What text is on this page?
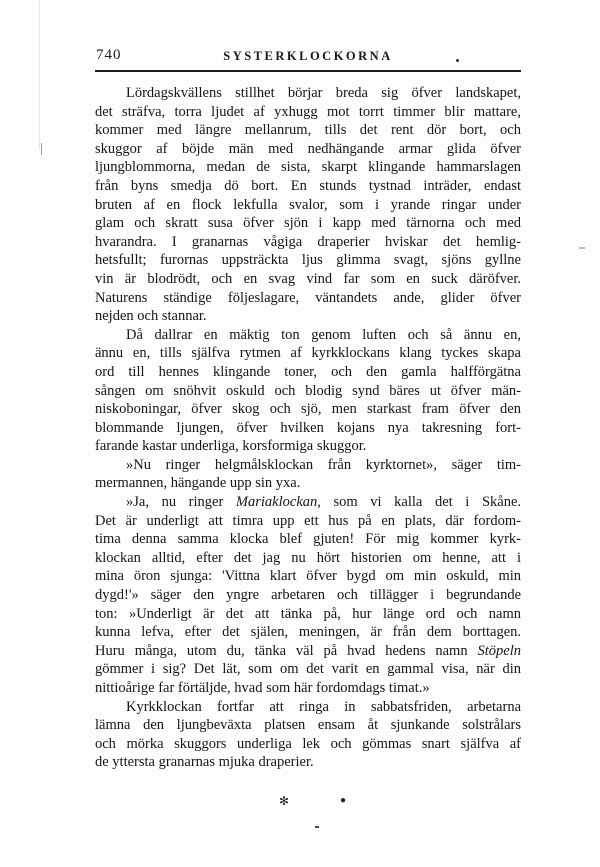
740	SYSTERKLOCKORNA
Lördagskvällens stillhet börjar breda sig öfver landskapet,
det sträfva, torra ljudet af yxhugg mot torrt timmer blir mattare,
kommer med längre mellanrum, tills det rent dör bort, och
skuggor af böjde män med nedhängande armar glida öfver
ljungblommorna, medan de sista, skarpt klingande hammarslagen
från byns smedja dö bort. En stunds tystnad inträder, endast
bruten af en flock lekfulla svalor, som i yrande ringar under
glam och skratt susa öfver sjön i kapp med tärnorna och med
hvarandra. I granarnas vågiga draperier hviskar det hemlig-
hetsfullt; furornas uppsträckta ljus glimma svagt, sjöns gyllne
vin är blodrödt, och en svag vind far som en suck däröfver.
Naturens ständige följeslagare, väntandets ande, glider öfver
nejden och stannar.
Då dallrar en mäktig ton genom luften och så ännu en,
ännu en, tills själfva rytmen af kyrkklockans klang tyckes skapa
ord till hennes klingande toner, och den gamla halfförgätna
sången om snöhvit oskuld och blodig synd bäres ut öfver män-
niskoboningar, öfver skog och sjö, men starkast fram öfver den
blommande ljungen, öfver hvilken kojans nya takresning fort-
farande kastar underliga, korsformiga skuggor.
»Nu ringer helgmålsklockan från kyrktornet», säger tim-
mermannen, hängande upp sin yxa.
»Ja, nu ringer Mariaklockan, som vi kalla det i Skåne.
Det är underligt att timra upp ett hus på en plats, där fordom-
tima denna samma klocka blef gjuten! För mig kommer kyrk-
klockan alltid, efter det jag nu hört historien om henne, att i
mina öron sjunga: 'Vittna klart öfver bygd om min oskuld, min
dygd!'» säger den yngre arbetaren och tillägger i begrundande
ton: »Underligt är det att tänka på, hur länge ord och namn
kunna lefva, efter det själen, meningen, är från dem borttagen.
Huru många, utom du, tänka väl på hvad hedens namn Stöpeln
gömmer i sig? Det lät, som om det varit en gammal visa, när din
nittioårige far förtäljde, hvad som här fordomdags timat.»
Kyrkklockan fortfar att ringa in sabbatsfriden, arbetarna
lämna den ljungbeväxta platsen ensam åt sjunkande solstrålars
och mörka skuggors underliga lek och gömmas snart själfva af
de yttersta granarnas mjuka draperier.
✻	●
